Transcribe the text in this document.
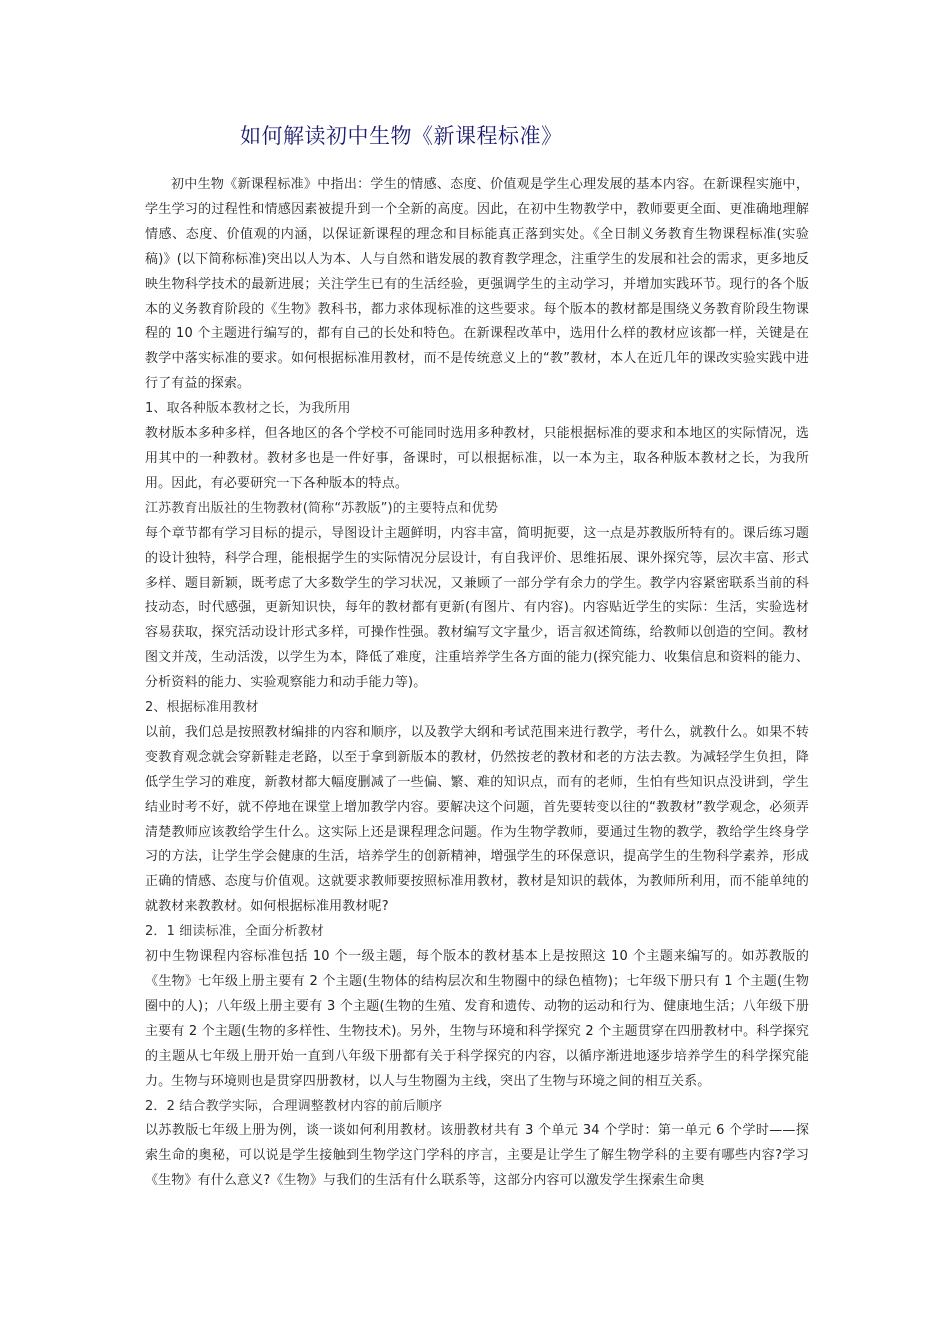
如何解读初中生物《新课程标准》

初中生物《新课程标准》中指出：学生的情感、态度、价值观是学生心理发展的基本内容。在新课程实施中，学生学习的过程性和情感因素被提升到一个全新的高度。因此，在初中生物教学中，教师要更全面、更准确地理解情感、态度、价值观的内涵，以保证新课程的理念和目标能真正落到实处。《全日制义务教育生物课程标准(实验稿)》(以下简称标准)突出以人为本、人与自然和谐发展的教育教学理念，注重学生的发展和社会的需求，更多地反映生物科学技术的最新进展；关注学生已有的生活经验，更强调学生的主动学习，并增加实践环节。现行的各个版本的义务教育阶段的《生物》教科书，都力求体现标准的这些要求。每个版本的教材都是围绕义务教育阶段生物课程的 10 个主题进行编写的，都有自己的长处和特色。在新课程改革中，选用什么样的教材应该都一样，关键是在教学中落实标准的要求。如何根据标准用教材，而不是传统意义上的“教”教材，本人在近几年的课改实验实践中进行了有益的探索。

1、取各种版本教材之长，为我所用

教材版本多种多样，但各地区的各个学校不可能同时选用多种教材，只能根据标准的要求和本地区的实际情况，选用其中的一种教材。教材多也是一件好事，备课时，可以根据标准，以一本为主，取各种版本教材之长，为我所用。因此，有必要研究一下各种版本的特点。

江苏教育出版社的生物教材(简称“苏教版”)的主要特点和优势

每个章节都有学习目标的提示，导图设计主题鲜明，内容丰富，简明扼要，这一点是苏教版所特有的。课后练习题的设计独特，科学合理，能根据学生的实际情况分层设计，有自我评价、思维拓展、课外探究等，层次丰富、形式多样、题目新颖，既考虑了大多数学生的学习状况，又兼顾了一部分学有余力的学生。教学内容紧密联系当前的科技动态，时代感强，更新知识快，每年的教材都有更新(有图片、有内容)。内容贴近学生的实际：生活，实验选材容易获取，探究活动设计形式多样，可操作性强。教材编写文字量少，语言叙述简练，给教师以创造的空间。教材图文并茂，生动活泼，以学生为本，降低了难度，注重培养学生各方面的能力(探究能力、收集信息和资料的能力、分析资料的能力、实验观察能力和动手能力等)。

2、根据标准用教材

以前，我们总是按照教材编排的内容和顺序，以及教学大纲和考试范围来进行教学，考什么，就教什么。如果不转变教育观念就会穿新鞋走老路，以至于拿到新版本的教材，仍然按老的教材和老的方法去教。为减轻学生负担，降低学生学习的难度，新教材都大幅度删减了一些偏、繁、难的知识点，而有的老师，生怕有些知识点没讲到，学生结业时考不好，就不停地在课堂上增加教学内容。要解决这个问题，首先要转变以往的“教教材”教学观念，必须弄清楚教师应该教给学生什么。这实际上还是课程理念问题。作为生物学教师，要通过生物的教学，教给学生终身学习的方法，让学生学会健康的生活，培养学生的创新精神，增强学生的环保意识，提高学生的生物科学素养，形成正确的情感、态度与价值观。这就要求教师要按照标准用教材，教材是知识的载体，为教师所利用，而不能单纯的就教材来教教材。如何根据标准用教材呢?

2．1 细读标准，全面分析教材

初中生物课程内容标准包括 10 个一级主题，每个版本的教材基本上是按照这 10 个主题来编写的。如苏教版的《生物》七年级上册主要有 2 个主题(生物体的结构层次和生物圈中的绿色植物)；七年级下册只有 1 个主题(生物圈中的人)；八年级上册主要有 3 个主题(生物的生殖、发育和遗传、动物的运动和行为、健康地生活；八年级下册主要有 2 个主题(生物的多样性、生物技术)。另外，生物与环境和科学探究 2 个主题贯穿在四册教材中。科学探究的主题从七年级上册开始一直到八年级下册都有关于科学探究的内容，以循序渐进地逐步培养学生的科学探究能力。生物与环境则也是贯穿四册教材，以人与生物圈为主线，突出了生物与环境之间的相互关系。

2．2 结合教学实际，合理调整教材内容的前后顺序

以苏教版七年级上册为例，谈一谈如何利用教材。该册教材共有 3 个单元 34 个学时：第一单元 6 个学时——探索生命的奥秘，可以说是学生接触到生物学这门学科的序言，主要是让学生了解生物学科的主要有哪些内容?学习《生物》有什么意义?《生物》与我们的生活有什么联系等，这部分内容可以激发学生探索生命奥
